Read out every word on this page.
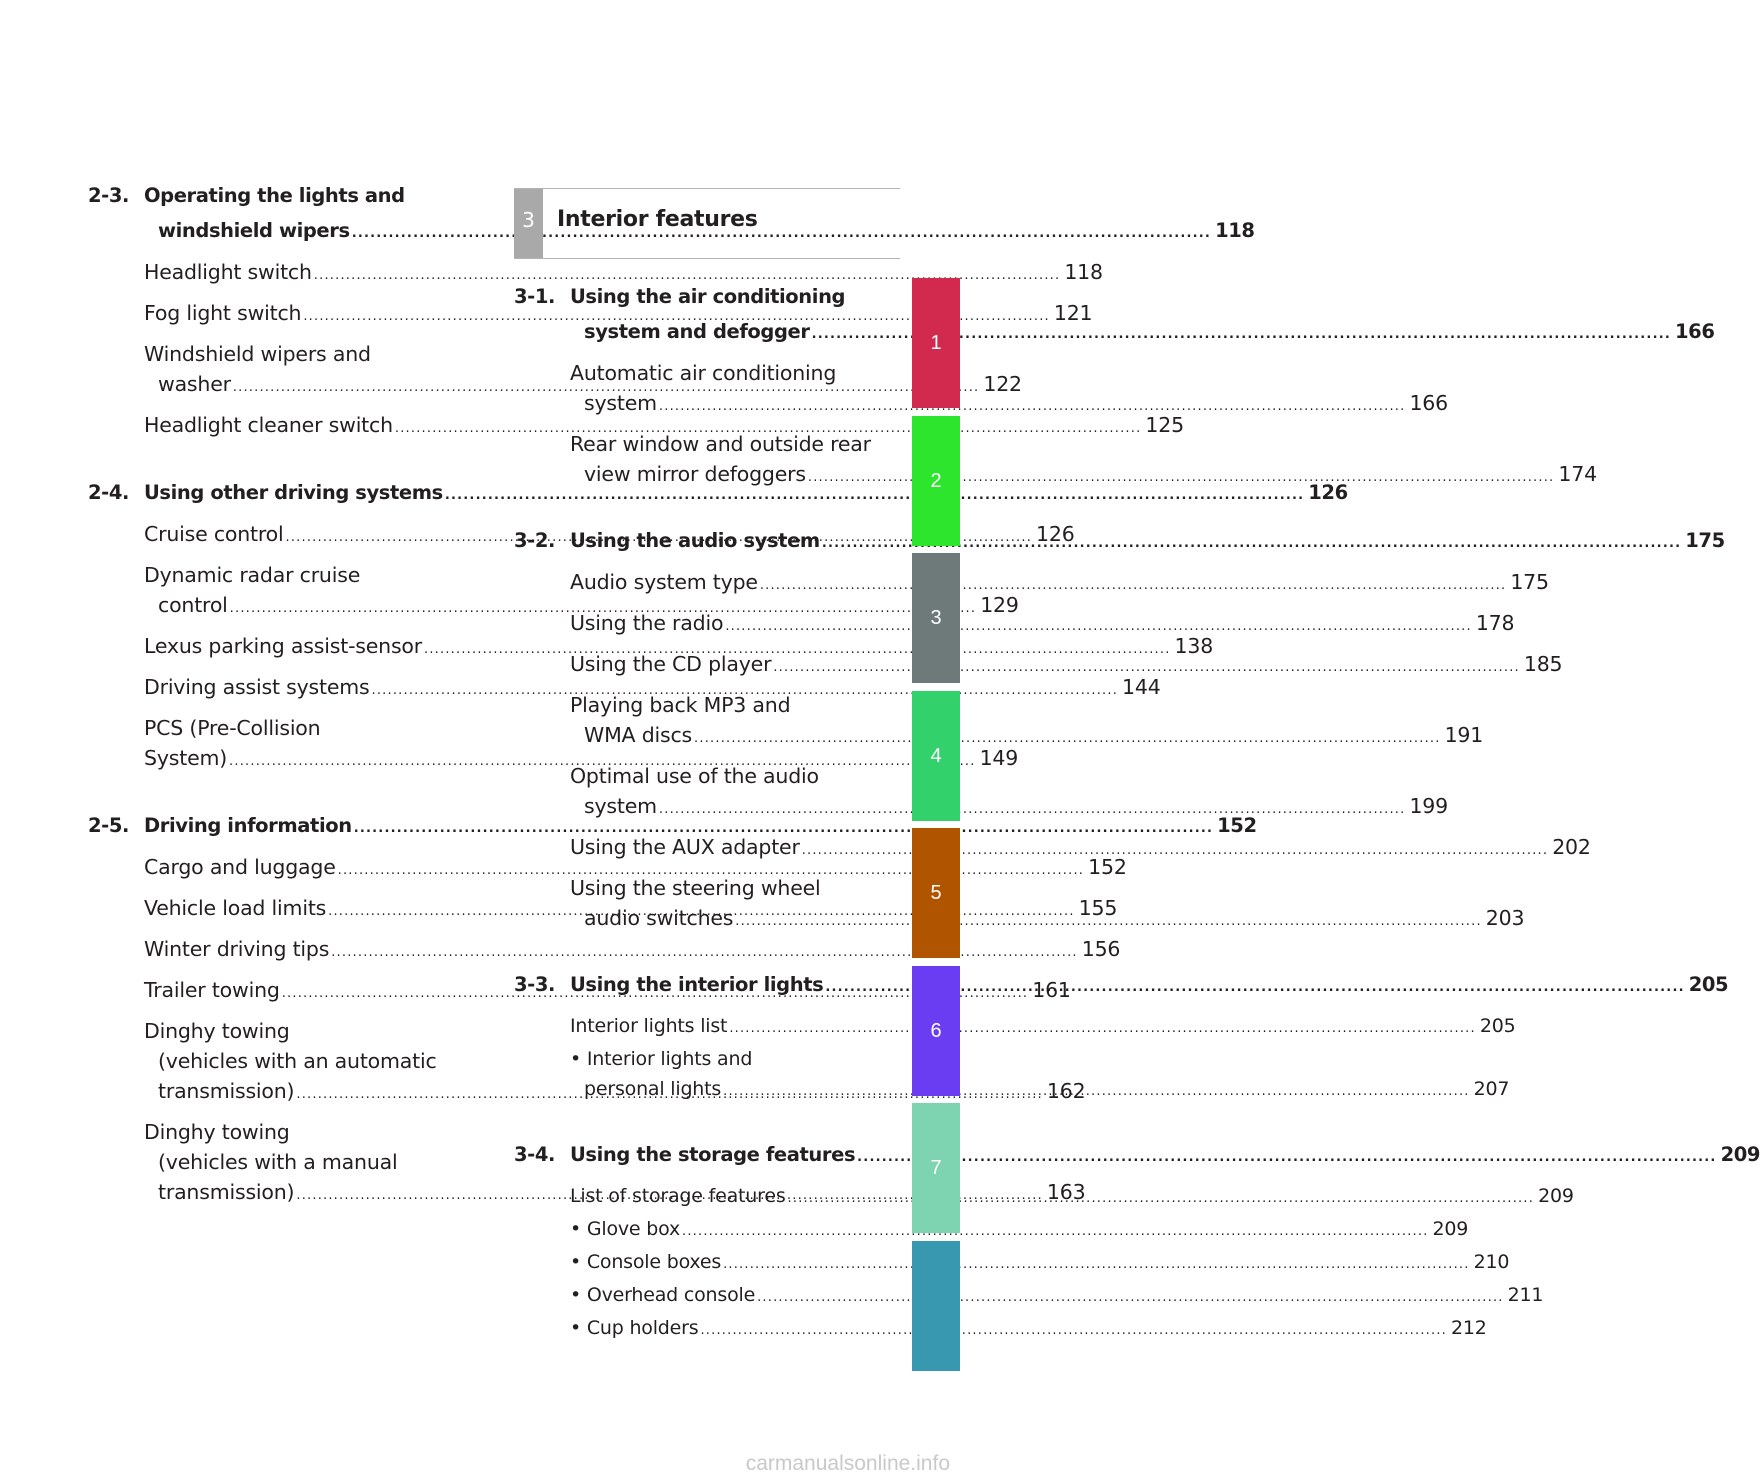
2-3. Operating the lights and
windshield wipers .....	118
Headlight switch .....	118
Fog light switch .....	121
Windshield wipers and
washer .....	122
Headlight cleaner switch .....	125
2-4. Using other driving systems .....	126
Cruise control .....	126
Dynamic radar cruise
control .....	129
Lexus parking assist-sensor .....	138
Driving assist systems .....	144
PCS (Pre-Collision
System) .....	149
2-5. Driving information .....	152
Cargo and luggage .....	152
Vehicle load limits .....	155
Winter driving tips .....	156
Trailer towing .....	161
Dinghy towing
(vehicles with an automatic
transmission) .....	162
Dinghy towing
(vehicles with a manual
transmission) .....	163
3	Interior features
3-1. Using the air conditioning
system and defogger .....	166
Automatic air conditioning
system .....	166
Rear window and outside rear
view mirror defoggers .....	174
3-2. Using the audio system .....	175
Audio system type .....	175
Using the radio .....	178
Using the CD player .....	185
Playing back MP3 and
WMA discs .....	191
Optimal use of the audio
system .....	199
Using the AUX adapter .....	202
Using the steering wheel
audio switches .....	203
3-3. Using the interior lights .....	205
Interior lights list .....	205
• Interior lights and
personal lights .....	207
3-4. Using the storage features .....	209
List of storage features .....	209
• Glove box .....	209
• Console boxes .....	210
• Overhead console .....	211
• Cup holders .....	212
1
2
3
4
5
6
7
carmanualsonline.info
